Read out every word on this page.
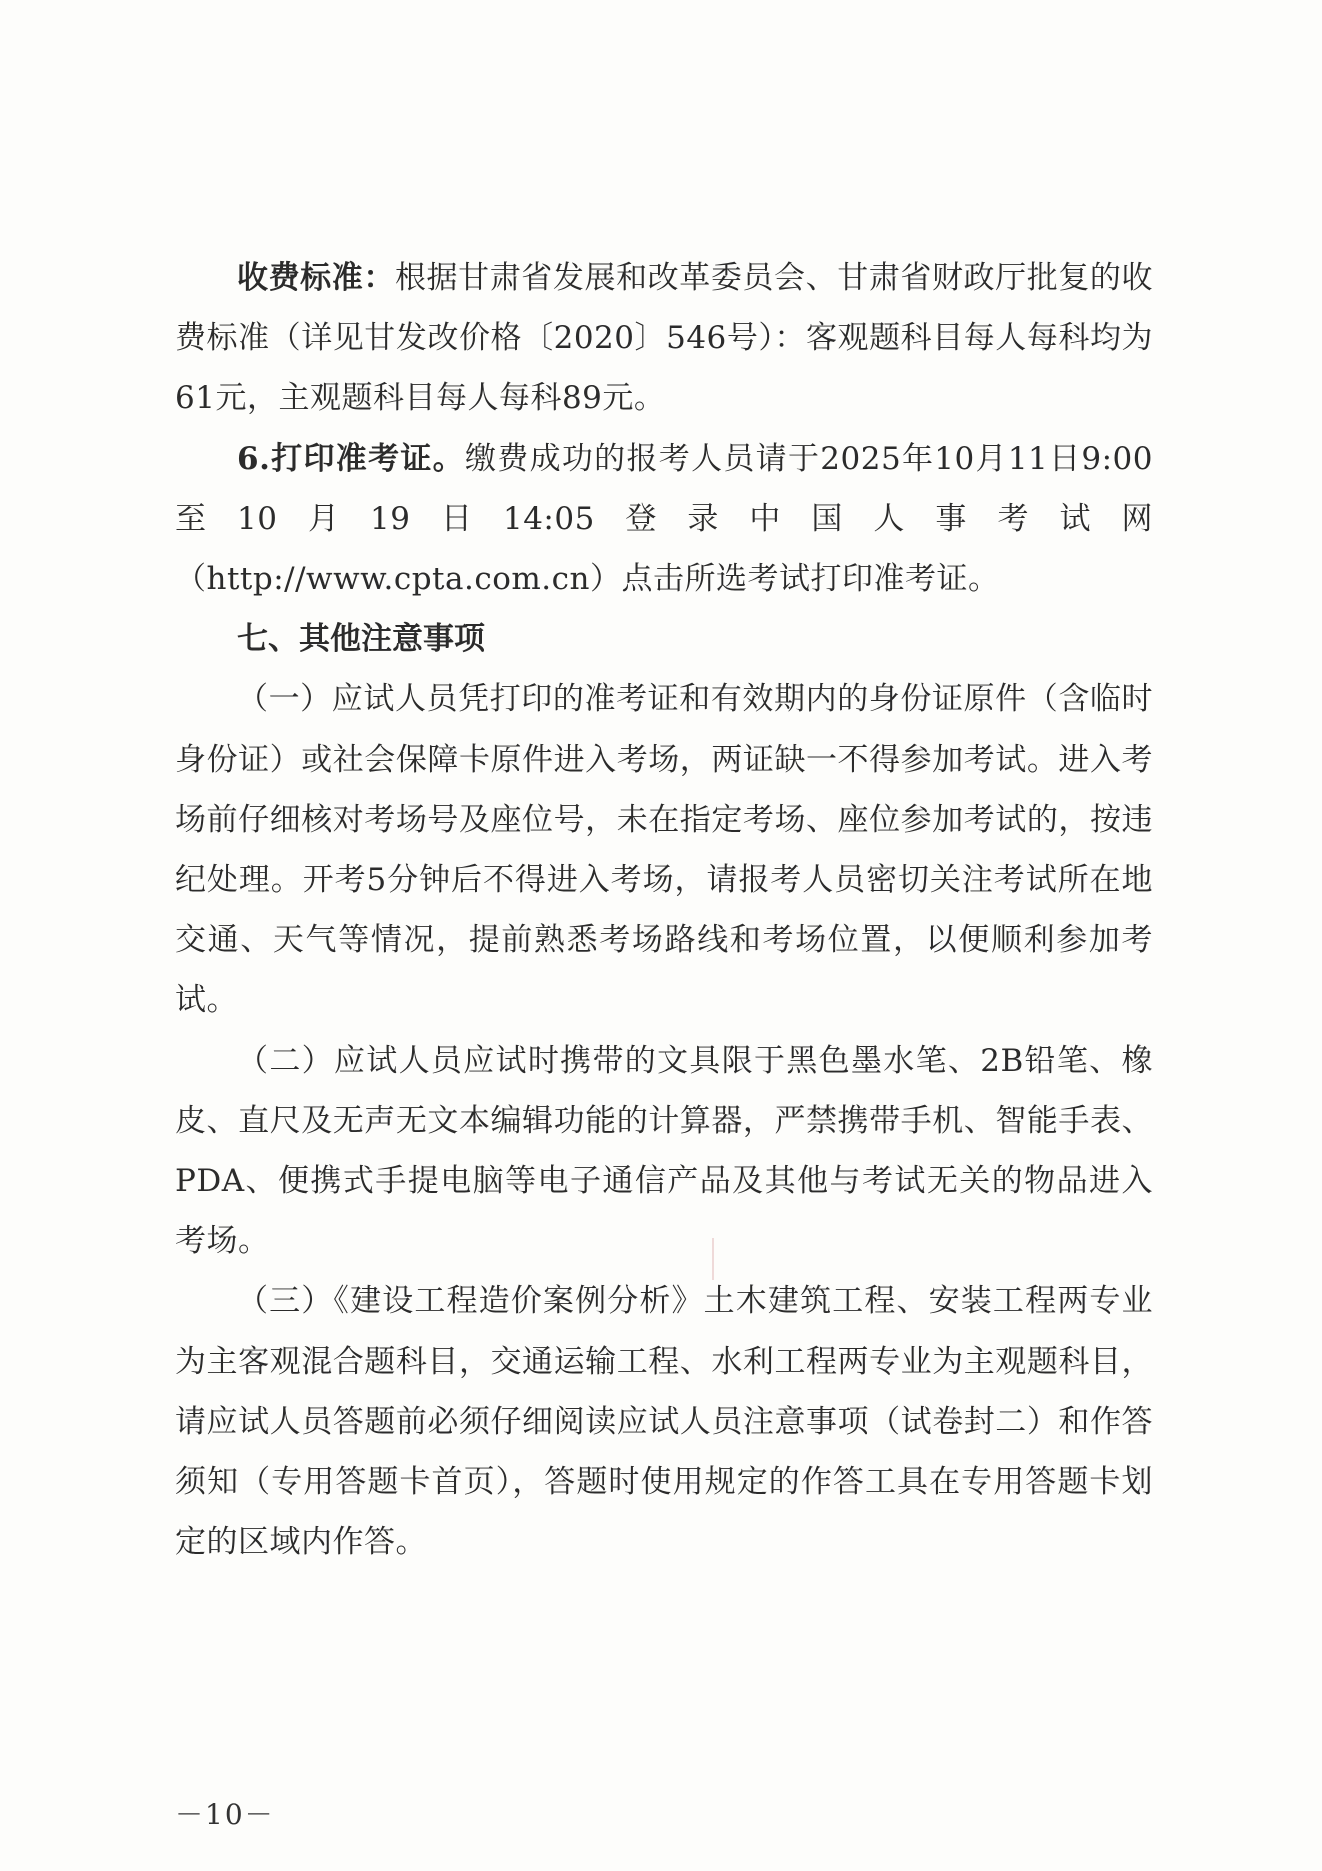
收费标准：根据甘肃省发展和改革委员会、甘肃省财政厅批复的收费标准（详见甘发改价格〔2020〕546号）：客观题科目每人每科均为61元，主观题科目每人每科89元。

6.打印准考证。缴费成功的报考人员请于2025年10月11日9:00至10月19日14:05登录中国人事考试网（http://www.cpta.com.cn）点击所选考试打印准考证。

七、其他注意事项

（一）应试人员凭打印的准考证和有效期内的身份证原件（含临时身份证）或社会保障卡原件进入考场，两证缺一不得参加考试。进入考场前仔细核对考场号及座位号，未在指定考场、座位参加考试的，按违纪处理。开考5分钟后不得进入考场，请报考人员密切关注考试所在地交通、天气等情况，提前熟悉考场路线和考场位置，以便顺利参加考试。

（二）应试人员应试时携带的文具限于黑色墨水笔、2B铅笔、橡皮、直尺及无声无文本编辑功能的计算器，严禁携带手机、智能手表、PDA、便携式手提电脑等电子通信产品及其他与考试无关的物品进入考场。

（三）《建设工程造价案例分析》土木建筑工程、安装工程两专业为主客观混合题科目，交通运输工程、水利工程两专业为主观题科目，请应试人员答题前必须仔细阅读应试人员注意事项（试卷封二）和作答须知（专用答题卡首页），答题时使用规定的作答工具在专用答题卡划定的区域内作答。

－10－
